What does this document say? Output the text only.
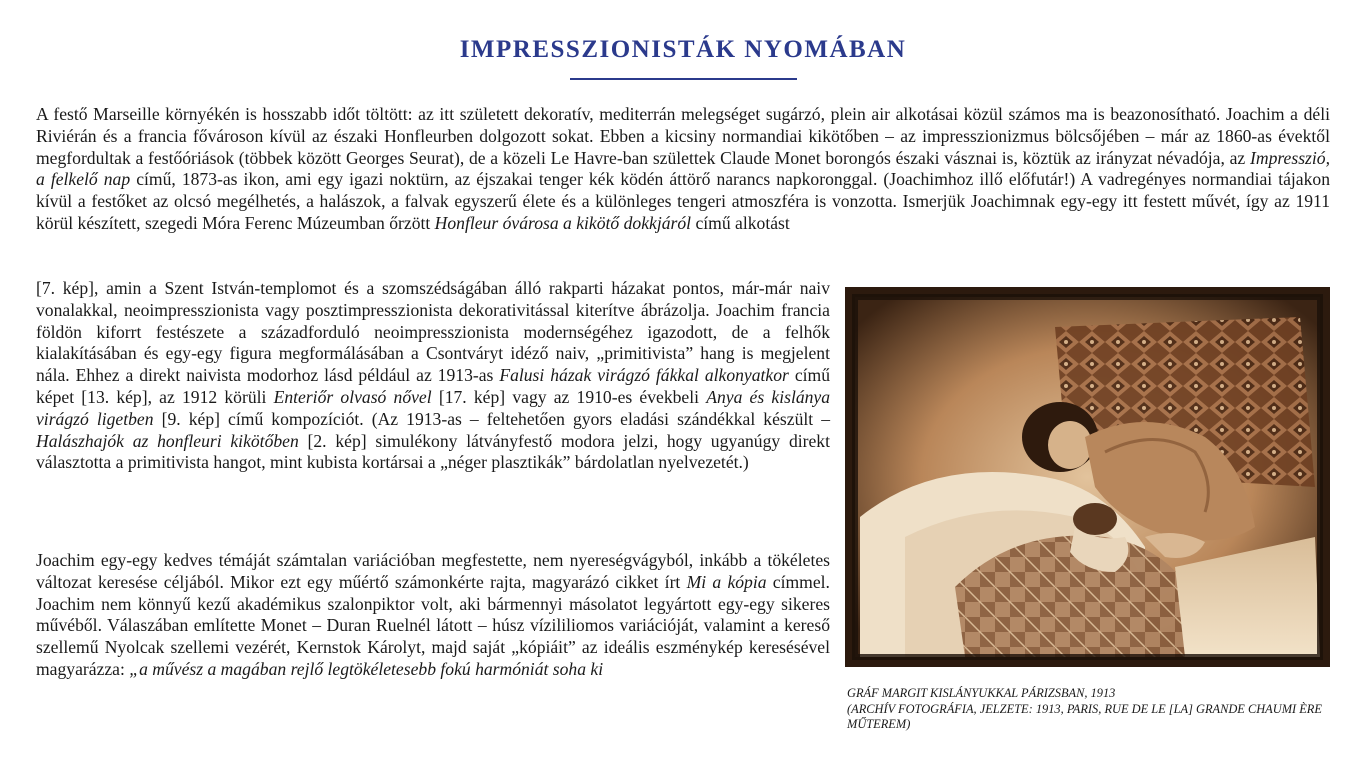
IMPRESSZIONISTÁK NYOMÁBAN

A festő Marseille környékén is hosszabb időt töltött: az itt született dekoratív, mediterrán melegséget sugárzó, plein air alkotásai közül számos ma is beazonosítható. Joachim a déli Riviérán és a francia fővároson kívül az északi Honfleurben dolgozott sokat. Ebben a kicsiny normandiai kikötőben – az impresszionizmus bölcsőjében – már az 1860-as évektől megfordultak a festőóriások (többek között Georges Seurat), de a közeli Le Havre-ban születtek Claude Monet borongós északi vásznai is, köztük az irányzat névadója, az Impresszió, a felkelő nap című, 1873-as ikon, ami egy igazi noktürn, az éjszakai tenger kék ködén áttörő narancs napkoronggal. (Joachimhoz illő előfutár!) A vadregényes normandiai tájakon kívül a festőket az olcsó megélhetés, a halászok, a falvak egyszerű élete és a különleges tengeri atmoszféra is vonzotta. Ismerjük Joachimnak egy-egy itt festett művét, így az 1911 körül készített, szegedi Móra Ferenc Múzeumban őrzött Honfleur óvárosa a kikötő dokkjáról című alkotást

[7. kép], amin a Szent István-templomot és a szomszédságában álló rakparti házakat pontos, már-már naiv vonalakkal, neoimpresszionista vagy posztimpresszionista dekorativitással kiterítve ábrázolja. Joachim francia földön kiforrt festészete a századforduló neoimpresszionista modernségéhez igazodott, de a felhők kialakításában és egy-egy figura megformálásában a Csontváryt idéző naiv, „primitivista” hang is megjelent nála. Ehhez a direkt naivista modorhoz lásd például az 1913-as Falusi házak virágzó fákkal alkonyatkor című képet [13. kép], az 1912 körüli Enteriőr olvasó nővel [17. kép] vagy az 1910-es évekbeli Anya és kislánya virágzó ligetben [9. kép] című kompozíciót. (Az 1913-as – feltehetően gyors eladási szándékkal készült – Halászhajók az honfleuri kikötőben [2. kép] simulékony látványfestő modora jelzi, hogy ugyanúgy direkt választotta a primitivista hangot, mint kubista kortársai a „néger plasztikák” bárdolatlan nyelvezetét.)

Joachim egy-egy kedves témáját számtalan variációban megfestette, nem nyereségvágyból, inkább a tökéletes változat keresése céljából. Mikor ezt egy műértő számonkérte rajta, magyarázó cikket írt Mi a kópia címmel. Joachim nem könnyű kezű akadémikus szalonpiktor volt, aki bármennyi másolatot legyártott egy-egy sikeres művéből. Válaszában említette Monet – Duran Ruelnél látott – húsz vízililiomos variációját, valamint a kereső szellemű Nyolcak szellemi vezérét, Kernstok Károlyt, majd saját „kópiáit” az ideális eszménykép keresésével magyarázza: „a művész a magában rejlő legtökéletesebb fokú harmóniát soha ki

GRÁF MARGIT KISLÁNYUKKAL PÁRIZSBAN, 1913
(ARCHÍV FOTOGRÁFIA, JELZETE: 1913, PARIS, RUE DE LE [LA] GRANDE CHAUMI ÈRE MŰTEREM)
